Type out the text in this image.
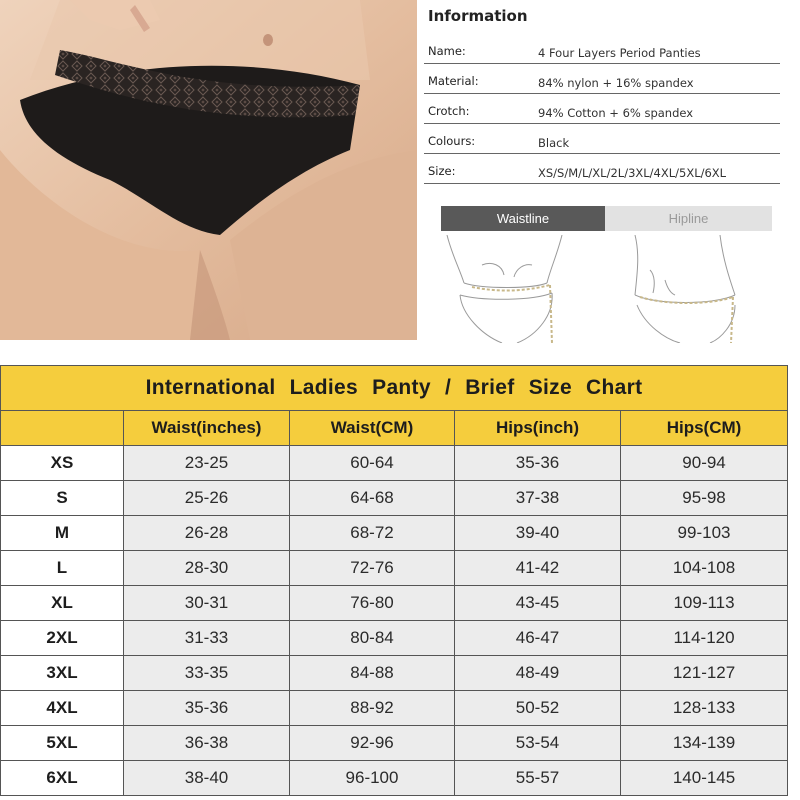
Information
Name:	4 Four Layers Period Panties
Material:	84% nylon + 16% spandex
Crotch:	94% Cotton + 6% spandex
Colours:	Black
Size:	XS/S/M/L/XL/2L/3XL/4XL/5XL/6XL
Waistline	Hipline
International Ladies Panty / Brief Size Chart				
	Waist(inches)	Waist(CM)	Hips(inch)	Hips(CM)
XS	23-25	60-64	35-36	90-94
S	25-26	64-68	37-38	95-98
M	26-28	68-72	39-40	99-103
L	28-30	72-76	41-42	104-108
XL	30-31	76-80	43-45	109-113
2XL	31-33	80-84	46-47	114-120
3XL	33-35	84-88	48-49	121-127
4XL	35-36	88-92	50-52	128-133
5XL	36-38	92-96	53-54	134-139
6XL	38-40	96-100	55-57	140-145
